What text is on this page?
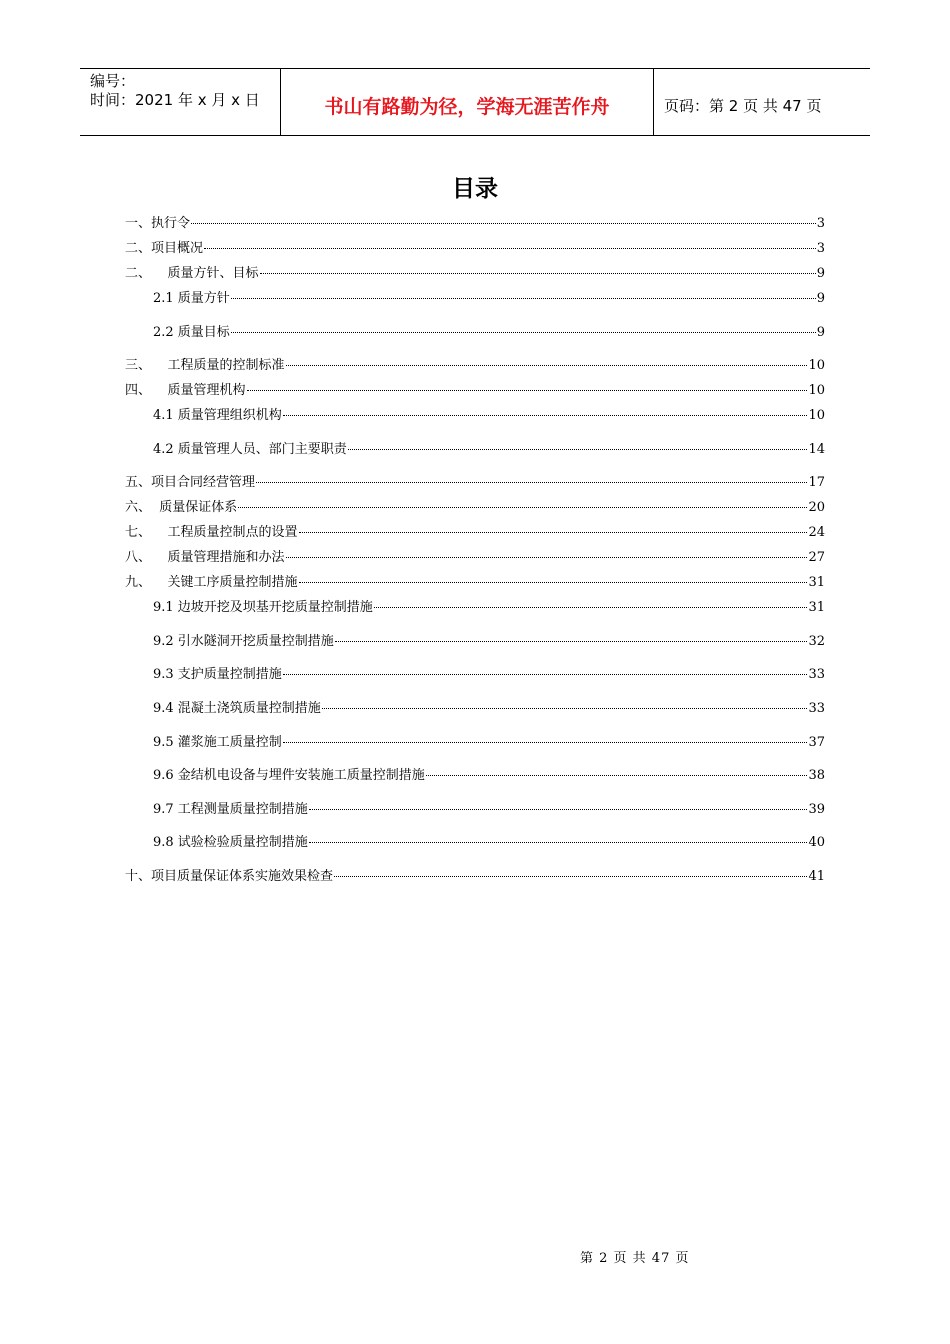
编号：
时间：2021 年 x 月 x 日	书山有路勤为径，学海无涯苦作舟	页码：第 2 页 共 47 页
目录
一、执行令	3
二、项目概况	3
二、    质量方针、目标	9
2.1 质量方针	9
2.2 质量目标	9
三、    工程质量的控制标准	10
四、    质量管理机构	10
4.1 质量管理组织机构	10
4.2 质量管理人员、部门主要职责	14
五、项目合同经营管理	17
六、  质量保证体系	20
七、    工程质量控制点的设置	24
八、    质量管理措施和办法	27
九、    关键工序质量控制措施	31
9.1 边坡开挖及坝基开挖质量控制措施	31
9.2 引水隧洞开挖质量控制措施	32
9.3 支护质量控制措施	33
9.4 混凝土浇筑质量控制措施	33
9.5 灌浆施工质量控制	37
9.6 金结机电设备与埋件安装施工质量控制措施	38
9.7 工程测量质量控制措施	39
9.8 试验检验质量控制措施	40
十、项目质量保证体系实施效果检查	41
第 2 页 共 47 页
